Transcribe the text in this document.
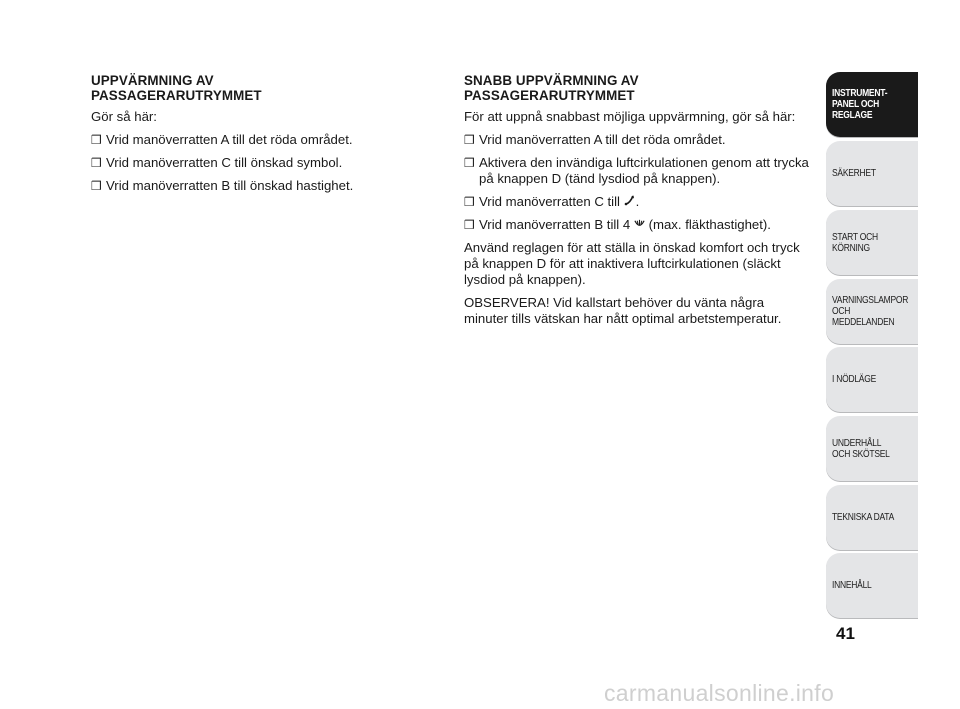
UPPVÄRMNING AV
PASSAGERARUTRYMMET
Gör så här:
❒ Vrid manöverratten A till det röda området.
❒ Vrid manöverratten C till önskad symbol.
❒ Vrid manöverratten B till önskad hastighet.
SNABB UPPVÄRMNING AV
PASSAGERARUTRYMMET
För att uppnå snabbast möjliga uppvärmning, gör så här:
❒ Vrid manöverratten A till det röda området.
❒ Aktivera den invändiga luftcirkulationen genom att trycka på knappen D (tänd lysdiod på knappen).
❒ Vrid manöverratten C till .
❒ Vrid manöverratten B till 4  (max. fläkthastighet).
Använd reglagen för att ställa in önskad komfort och tryck på knappen D för att inaktivera luftcirkulationen (släckt lysdiod på knappen).
OBSERVERA! Vid kallstart behöver du vänta några minuter tills vätskan har nått optimal arbetstemperatur.
INSTRUMENT-
PANEL OCH
REGLAGE
SÄKERHET
START OCH
KÖRNING
VARNINGSLAMPOR
OCH
MEDDELANDEN
I NÖDLÄGE
UNDERHÅLL
OCH SKÖTSEL
TEKNISKA DATA
INNEHÅLL
41
carmanualsonline.info
